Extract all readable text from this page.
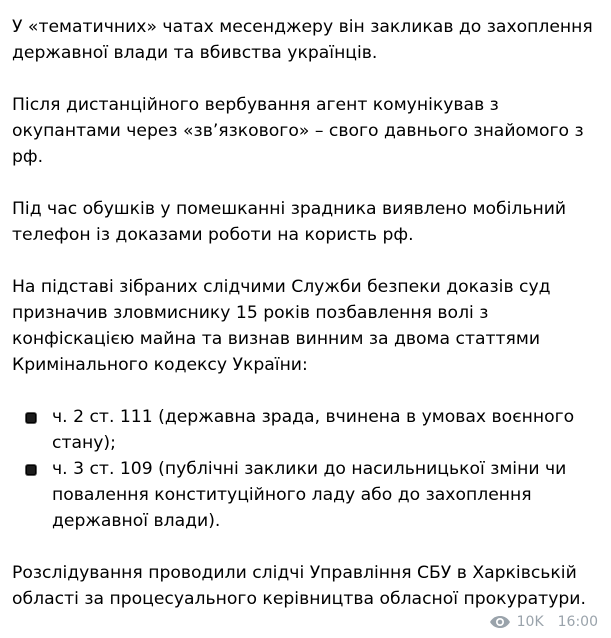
У «тематичних» чатах месенджеру він закликав до захоплення державної влади та вбивства українців.

Після дистанційного вербування агент комунікував з окупантами через «зв’язкового» – свого давнього знайомого з рф.

Під час обушків у помешканні зрадника виявлено мобільний телефон із доказами роботи на користь рф.

На підставі зібраних слідчими Служби безпеки доказів суд призначив зловмиснику 15 років позбавлення волі з конфіскацією майна та визнав винним за двома статтями Кримінального кодексу України:

ч. 2 ст. 111 (державна зрада, вчинена в умовах воєнного стану);
ч. 3 ст. 109 (публічні заклики до насильницької зміни чи повалення конституційного ладу або до захоплення державної влади).

Розслідування проводили слідчі Управління СБУ в Харківській області за процесуального керівництва обласної прокуратури.

10K 16:00
